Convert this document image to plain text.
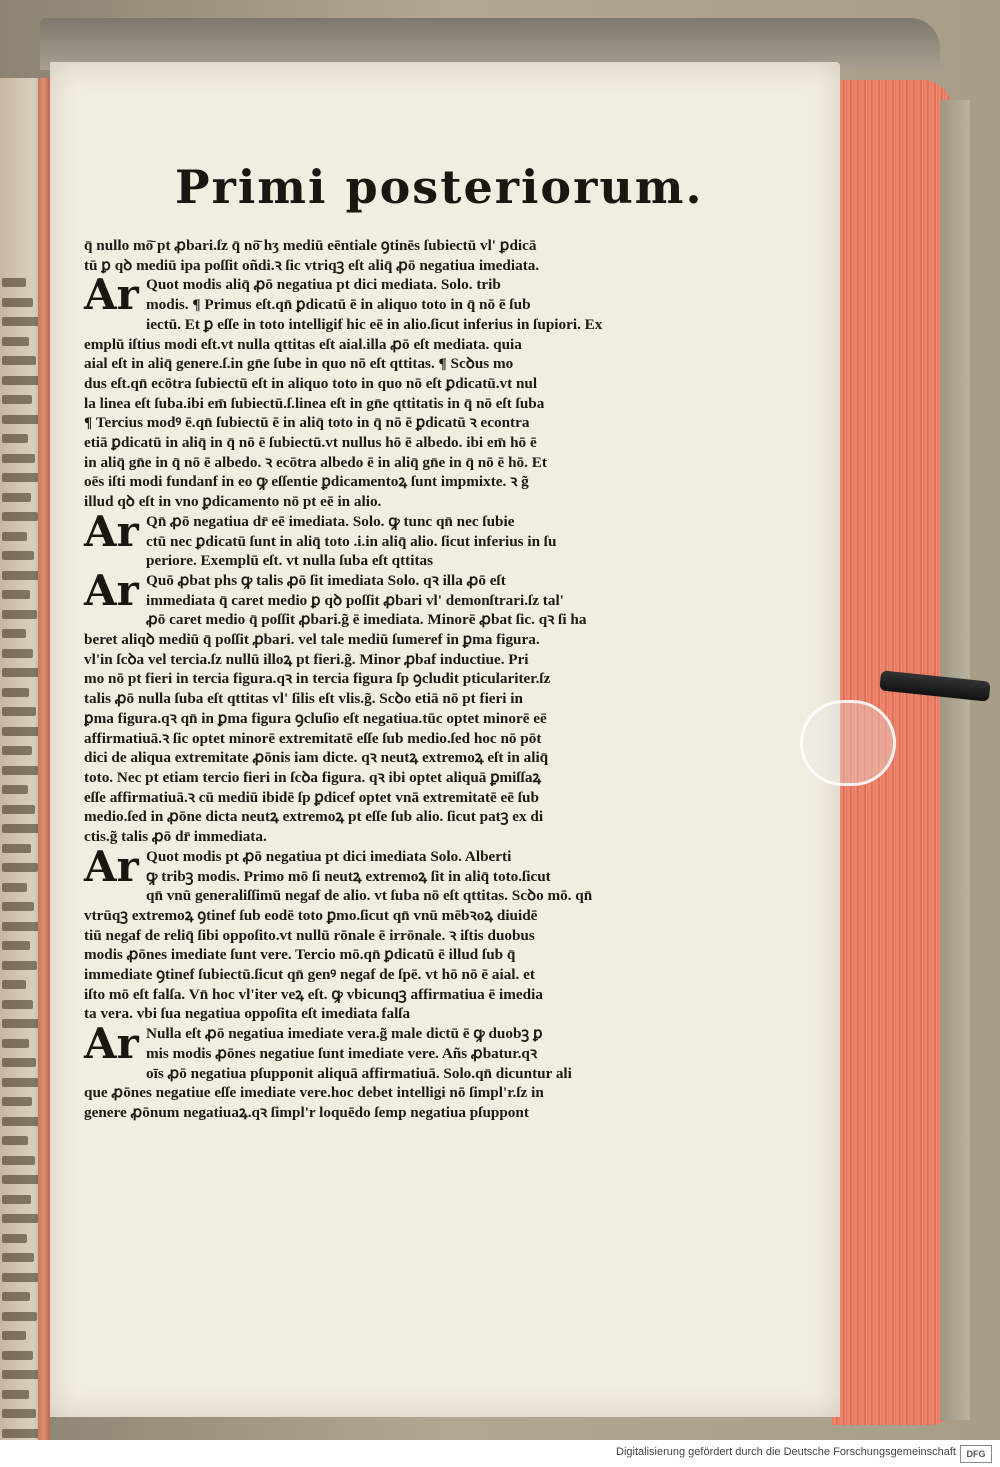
Primi posteriorum.
q̄ nullo mō̄ pt ꝓbari.ſz q̄ nō̄ hʒ mediū eēntiale ꝯtinēs ſubiectū vl' ꝑdicā
tū ꝑ qꝺ mediū ipa poſſit oñdi.ꝛ ſic vtriqꝫ eſt aliq̄ ꝓō negatiua imediata.
Ar Quot modis aliq̄ ꝓō negatiua pt dici mediata. Solo. trib
modis. ¶ Primus eſt.qn̄ ꝑdicatū ē in aliquo toto in q̄ nō ē ſub
iectū. Et ꝑ eſſe in toto intelligif hic eē in alio.ſicut inferius in ſupiori. Ex
emplū iſtius modi eſt.vt nulla qttitas eſt aial.illa ꝓō eſt mediata. quia
aial eſt in aliq̄ genere.ſ.in gn̄e ſube in quo nō eſt qttitas. ¶ Scꝺus mo
dus eſt.qn̄ ecōtra ſubiectū eſt in aliquo toto in quo nō eſt ꝑdicatū.vt nul
la linea eſt ſuba.ibi em̄ ſubiectū.ſ.linea eſt in gn̄e qttitatis in q̄ nō eſt ſuba
¶ Tercius modꝰ ē.qn̄ ſubiectū ē in aliq̄ toto in q̄ nō ē ꝑdicatū ꝛ econtra
etiā ꝑdicatū in aliq̄ in q̄ nō ē ſubiectū.vt nullus hō ē albedo. ibi em̄ hō ē
in aliq̄ gn̄e in q̄ nō ē albedo. ꝛ ecōtra albedo ē in aliq̄ gn̄e in q̄ nō ē hō. Et
oēs iſti modi fundanf in eo ꝙ eſſentie ꝑdicamentoꝝ ſunt impmixte. ꝛ g̃
illud qꝺ eſt in vno ꝑdicamento nō pt eē in alio.
Ar Qn̄ ꝓō negatiua dr̄ eē imediata. Solo. ꝙ tunc qn̄ nec ſubie
ctū nec ꝑdicatū ſunt in aliq̄ toto .i.in aliq̄ alio. ſicut inferius in ſu
periore. Exemplū eſt. vt nulla ſuba eſt qttitas
Ar Quō ꝓbat phs ꝙ talis ꝓō ſit imediata Solo. qꝛ illa ꝓō eſt
immediata q̄ caret medio ꝑ qꝺ poſſit ꝓbari vl' demonſtrari.ſz tal'
ꝓō caret medio q̄ poſſit ꝓbari.g̃ ē imediata. Minorē ꝓbat ſic. qꝛ ſi ha
beret aliqꝺ mediū q̄ poſſit ꝓbari. vel tale mediū ſumeref in ꝑma figura.
vl'in ſcꝺa vel tercia.ſz nullū illoꝝ pt fieri.g̃. Minor ꝓbaf inductiue. Pri
mo nō pt fieri in tercia figura.qꝛ in tercia figura ſp ꝯcludit pticulariter.ſz
talis ꝓō nulla ſuba eſt qttitas vl' ſilis eſt vlis.g̃. Scꝺo etiā nō pt fieri in
ꝑma figura.qꝛ qn̄ in ꝑma figura ꝯcluſio eſt negatiua.tūc optet minorē eē
affirmatiuā.ꝛ ſic optet minorē extremitatē eſſe ſub medio.ſed hoc nō pōt
dici de aliqua extremitate ꝓōnis iam dicte. qꝛ neutꝝ extremoꝝ eſt in aliq̄
toto. Nec pt etiam tercio fieri in ſcꝺa figura. qꝛ ibi optet aliquā ꝑmiſſaꝝ
eſſe affirmatiuā.ꝛ cū mediū ibidē ſp ꝑdicef optet vnā extremitatē eē ſub
medio.ſed in ꝓōne dicta neutꝝ extremoꝝ pt eſſe ſub alio. ſicut patꝫ ex di
ctis.g̃ talis ꝓō dr̄ immediata.
Ar Quot modis pt ꝓō negatiua pt dici imediata Solo. Alberti
ꝙ tribꝫ modis. Primo mō ſi neutꝝ extremoꝝ ſit in aliq̄ toto.ſicut
qn̄ vnū generaliſſimū negaf de alio. vt ſuba nō eſt qttitas. Scꝺo mō. qn̄
vtrūqꝫ extremoꝝ ꝯtinef ſub eodē toto ꝑmo.ſicut qn̄ vnū mēbꝛoꝝ diuidē
tiū negaf de reliq̄ ſibi oppoſito.vt nullū rōnale ē irrōnale. ꝛ iſtis duobus
modis ꝓōnes imediate ſunt vere. Tercio mō.qn̄ ꝑdicatū ē illud ſub q̄
immediate ꝯtinef ſubiectū.ſicut qn̄ genꝰ negaf de ſpē. vt hō nō ē aial. et
iſto mō eſt falſa. Vn̄ hoc vl'iter veꝝ eſt. ꝙ vbicunqꝫ affirmatiua ē imedia
ta vera. vbi ſua negatiua oppoſita eſt imediata falſa
Ar Nulla eſt ꝓō negatiua imediate vera.g̃ male dictū ē ꝙ duobꝫ ꝑ
mis modis ꝓōnes negatiue ſunt imediate vere. Añs ꝓbatur.qꝛ
oīs ꝓō negatiua pſupponit aliquā affirmatiuā. Solo.qn̄ dicuntur ali
que ꝓōnes negatiue eſſe imediate vere.hoc debet intelligi nō ſimpl'r.ſz in
genere ꝓōnum negatiuaꝝ.qꝛ ſimpl'r loquēdo ſemp negatiua pſuppont
Digitalisierung gefördert durch die Deutsche Forschungsgemeinschaft	DFG
